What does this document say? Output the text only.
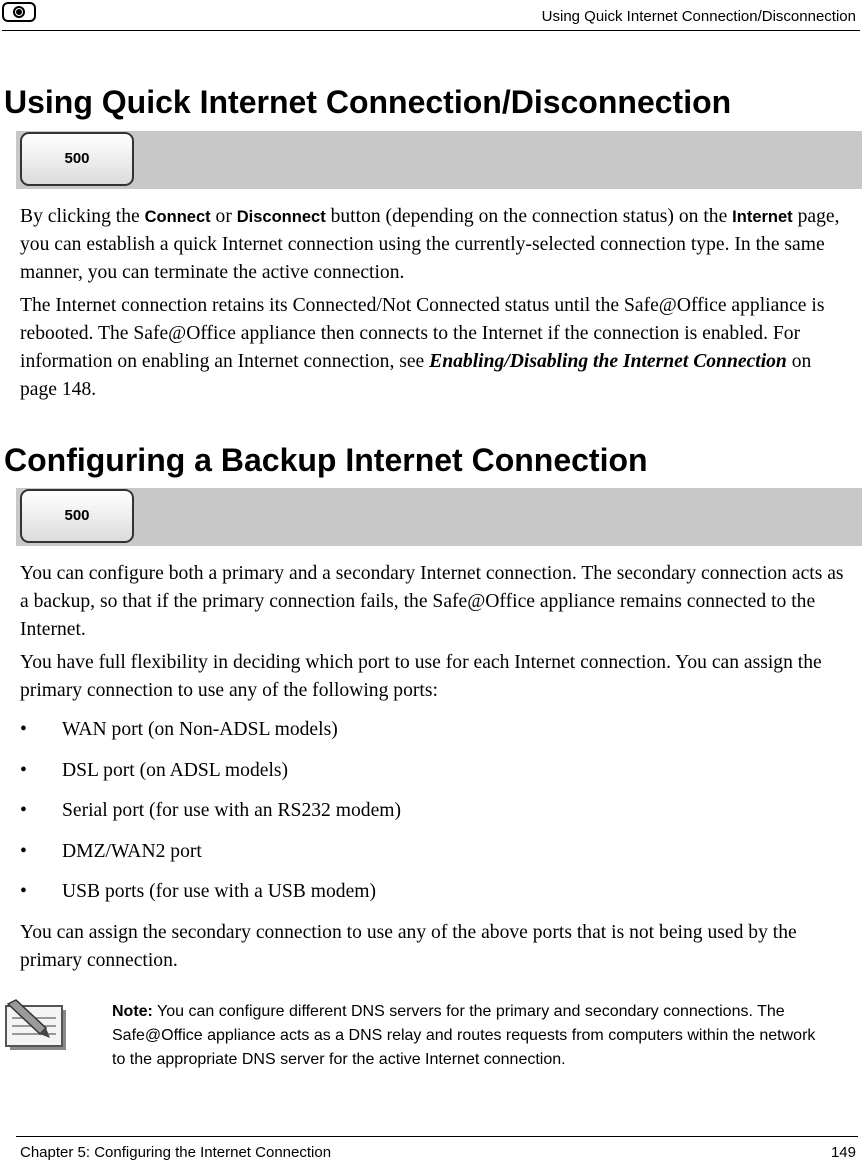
Using Quick Internet Connection/Disconnection
Using Quick Internet Connection/Disconnection
500

By clicking the Connect or Disconnect button (depending on the connection status) on the Internet page, you can establish a quick Internet connection using the currently-selected connection type. In the same manner, you can terminate the active connection.

The Internet connection retains its Connected/Not Connected status until the Safe@Office appliance is rebooted. The Safe@Office appliance then connects to the Internet if the connection is enabled. For information on enabling an Internet connection, see Enabling/Disabling the Internet Connection on page 148.

Configuring a Backup Internet Connection
500

You can configure both a primary and a secondary Internet connection. The secondary connection acts as a backup, so that if the primary connection fails, the Safe@Office appliance remains connected to the Internet.

You have full flexibility in deciding which port to use for each Internet connection. You can assign the primary connection to use any of the following ports:

• WAN port (on Non-ADSL models)
• DSL port (on ADSL models)
• Serial port (for use with an RS232 modem)
• DMZ/WAN2 port
• USB ports (for use with a USB modem)

You can assign the secondary connection to use any of the above ports that is not being used by the primary connection.

Note: You can configure different DNS servers for the primary and secondary connections. The Safe@Office appliance acts as a DNS relay and routes requests from computers within the network to the appropriate DNS server for the active Internet connection.

Chapter 5: Configuring the Internet Connection	149
